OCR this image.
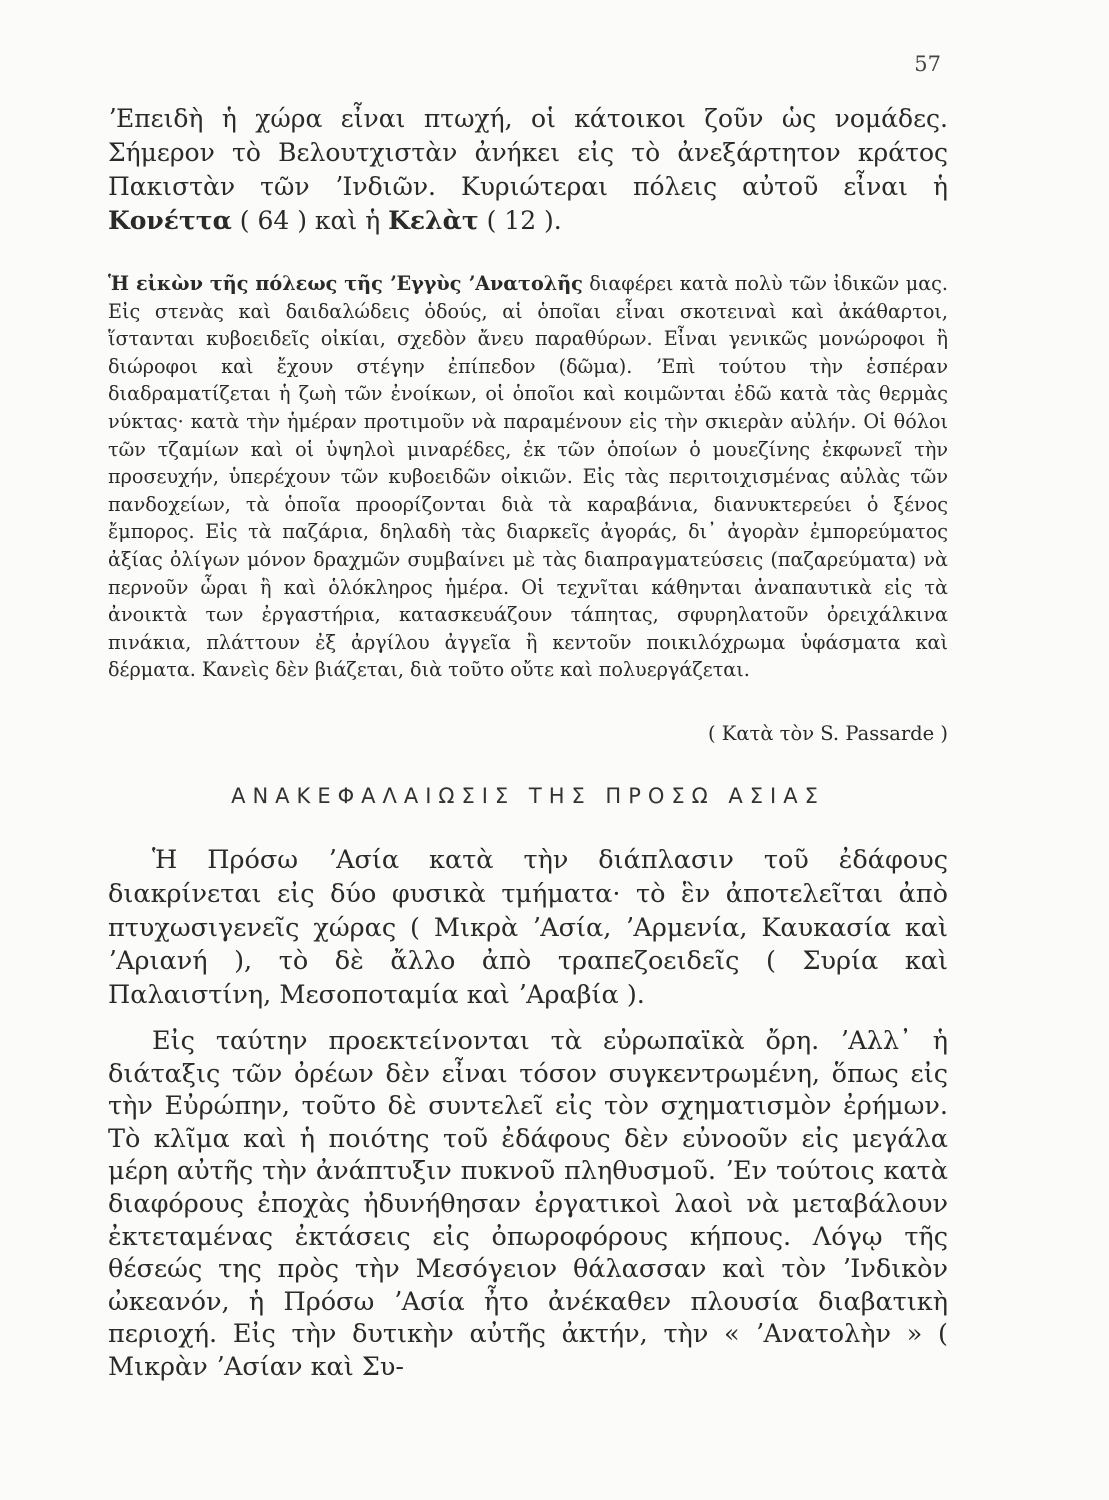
57
ʼΕπειδὴ ἡ χώρα εἶναι πτωχή, οἱ κάτοικοι ζοῦν ὡς νομάδες. Σήμερον τὸ Βελουτχιστὰν ἀνήκει εἰς τὸ ἀνεξάρτητον κράτος Πακιστὰν τῶν ʼΙνδιῶν. Κυριώτεραι πόλεις αὐτοῦ εἶναι ἡ Κονέττα ( 64 ) καὶ ἡ Κελὰτ ( 12 ).
Ἡ εἰκὼν τῆς πόλεως τῆς ʼΕγγὺς ʼΑνατολῆς διαφέρει κατὰ πολὺ τῶν ἰδικῶν μας. Εἰς στενὰς καὶ δαιδαλώδεις ὁδούς, αἱ ὁποῖαι εἶναι σκοτειναὶ καὶ ἀκάθαρτοι, ἵστανται κυβοειδεῖς οἰκίαι, σχεδὸν ἄνευ παραθύρων. Εἶναι γενικῶς μονώροφοι ἢ διώροφοι καὶ ἔχουν στέγην ἐπίπεδον (δῶμα). ʼΕπὶ τούτου τὴν ἑσπέραν διαδραματίζεται ἡ ζωὴ τῶν ἐνοίκων, οἱ ὁποῖοι καὶ κοιμῶνται ἐδῶ κατὰ τὰς θερμὰς νύκτας· κατὰ τὴν ἡμέραν προτιμοῦν νὰ παραμένουν εἰς τὴν σκιερὰν αὐλήν. Οἱ θόλοι τῶν τζαμίων καὶ οἱ ὑψηλοὶ μιναρέδες, ἐκ τῶν ὁποίων ὁ μουεζίνης ἐκφωνεῖ τὴν προσευχήν, ὑπερέχουν τῶν κυβοειδῶν οἰκιῶν. Εἰς τὰς περιτοιχισμένας αὐλὰς τῶν πανδοχείων, τὰ ὁποῖα προορίζονται διὰ τὰ καραβάνια, διανυκτερεύει ὁ ξένος ἔμπορος. Εἰς τὰ παζάρια, δηλαδὴ τὰς διαρκεῖς ἀγοράς, δι᾽ ἀγορὰν ἐμπορεύματος ἀξίας ὀλίγων μόνον δραχμῶν συμβαίνει μὲ τὰς διαπραγματεύσεις (παζαρεύματα) νὰ περνοῦν ὧραι ἢ καὶ ὁλόκληρος ἡμέρα. Οἱ τεχνῖται κάθηνται ἀναπαυτικὰ εἰς τὰ ἀνοικτὰ των ἐργαστήρια, κατασκευάζουν τάπητας, σφυρηλατοῦν ὀρειχάλκινα πινάκια, πλάττουν ἐξ ἀργίλου ἀγγεῖα ἢ κεντοῦν ποικιλόχρωμα ὑφάσματα καὶ δέρματα. Κανεὶς δὲν βιάζεται, διὰ τοῦτο οὔτε καὶ πολυεργάζεται.
( Κατὰ τὸν S. Passarde )
ΑΝΑΚΕΦΑΛΑΙΩΣΙΣ ΤΗΣ ΠΡΟΣΩ ΑΣΙΑΣ
Ἡ Πρόσω ʼΑσία κατὰ τὴν διάπλασιν τοῦ ἐδάφους διακρίνεται εἰς δύο φυσικὰ τμήματα· τὸ ἓν ἀποτελεῖται ἀπὸ πτυχωσιγενεῖς χώρας ( Μικρὰ ʼΑσία, ʼΑρμενία, Καυκασία καὶ ʼΑριανή ), τὸ δὲ ἄλλο ἀπὸ τραπεζοειδεῖς ( Συρία καὶ Παλαιστίνη, Μεσοποταμία καὶ ʼΑραβία ).
Εἰς ταύτην προεκτείνονται τὰ εὐρωπαϊκὰ ὄρη. ʼΑλλ᾽ ἡ διάταξις τῶν ὀρέων δὲν εἶναι τόσον συγκεντρωμένη, ὅπως εἰς τὴν Εὐρώπην, τοῦτο δὲ συντελεῖ εἰς τὸν σχηματισμὸν ἐρήμων. Τὸ κλῖμα καὶ ἡ ποιότης τοῦ ἐδάφους δὲν εὐνοοῦν εἰς μεγάλα μέρη αὐτῆς τὴν ἀνάπτυξιν πυκνοῦ πληθυσμοῦ. ʼΕν τούτοις κατὰ διαφόρους ἐποχὰς ἠδυνήθησαν ἐργατικοὶ λαοὶ νὰ μεταβάλουν ἐκτεταμένας ἐκτάσεις εἰς ὀπωροφόρους κήπους. Λόγῳ τῆς θέσεώς της πρὸς τὴν Μεσόγειον θάλασσαν καὶ τὸν ʼΙνδικὸν ὠκεανόν, ἡ Πρόσω ʼΑσία ἦτο ἀνέκαθεν πλουσία διαβατικὴ περιοχή. Εἰς τὴν δυτικὴν αὐτῆς ἀκτήν, τὴν « ʼΑνατολὴν » ( Μικρὰν ʼΑσίαν καὶ Συ-
